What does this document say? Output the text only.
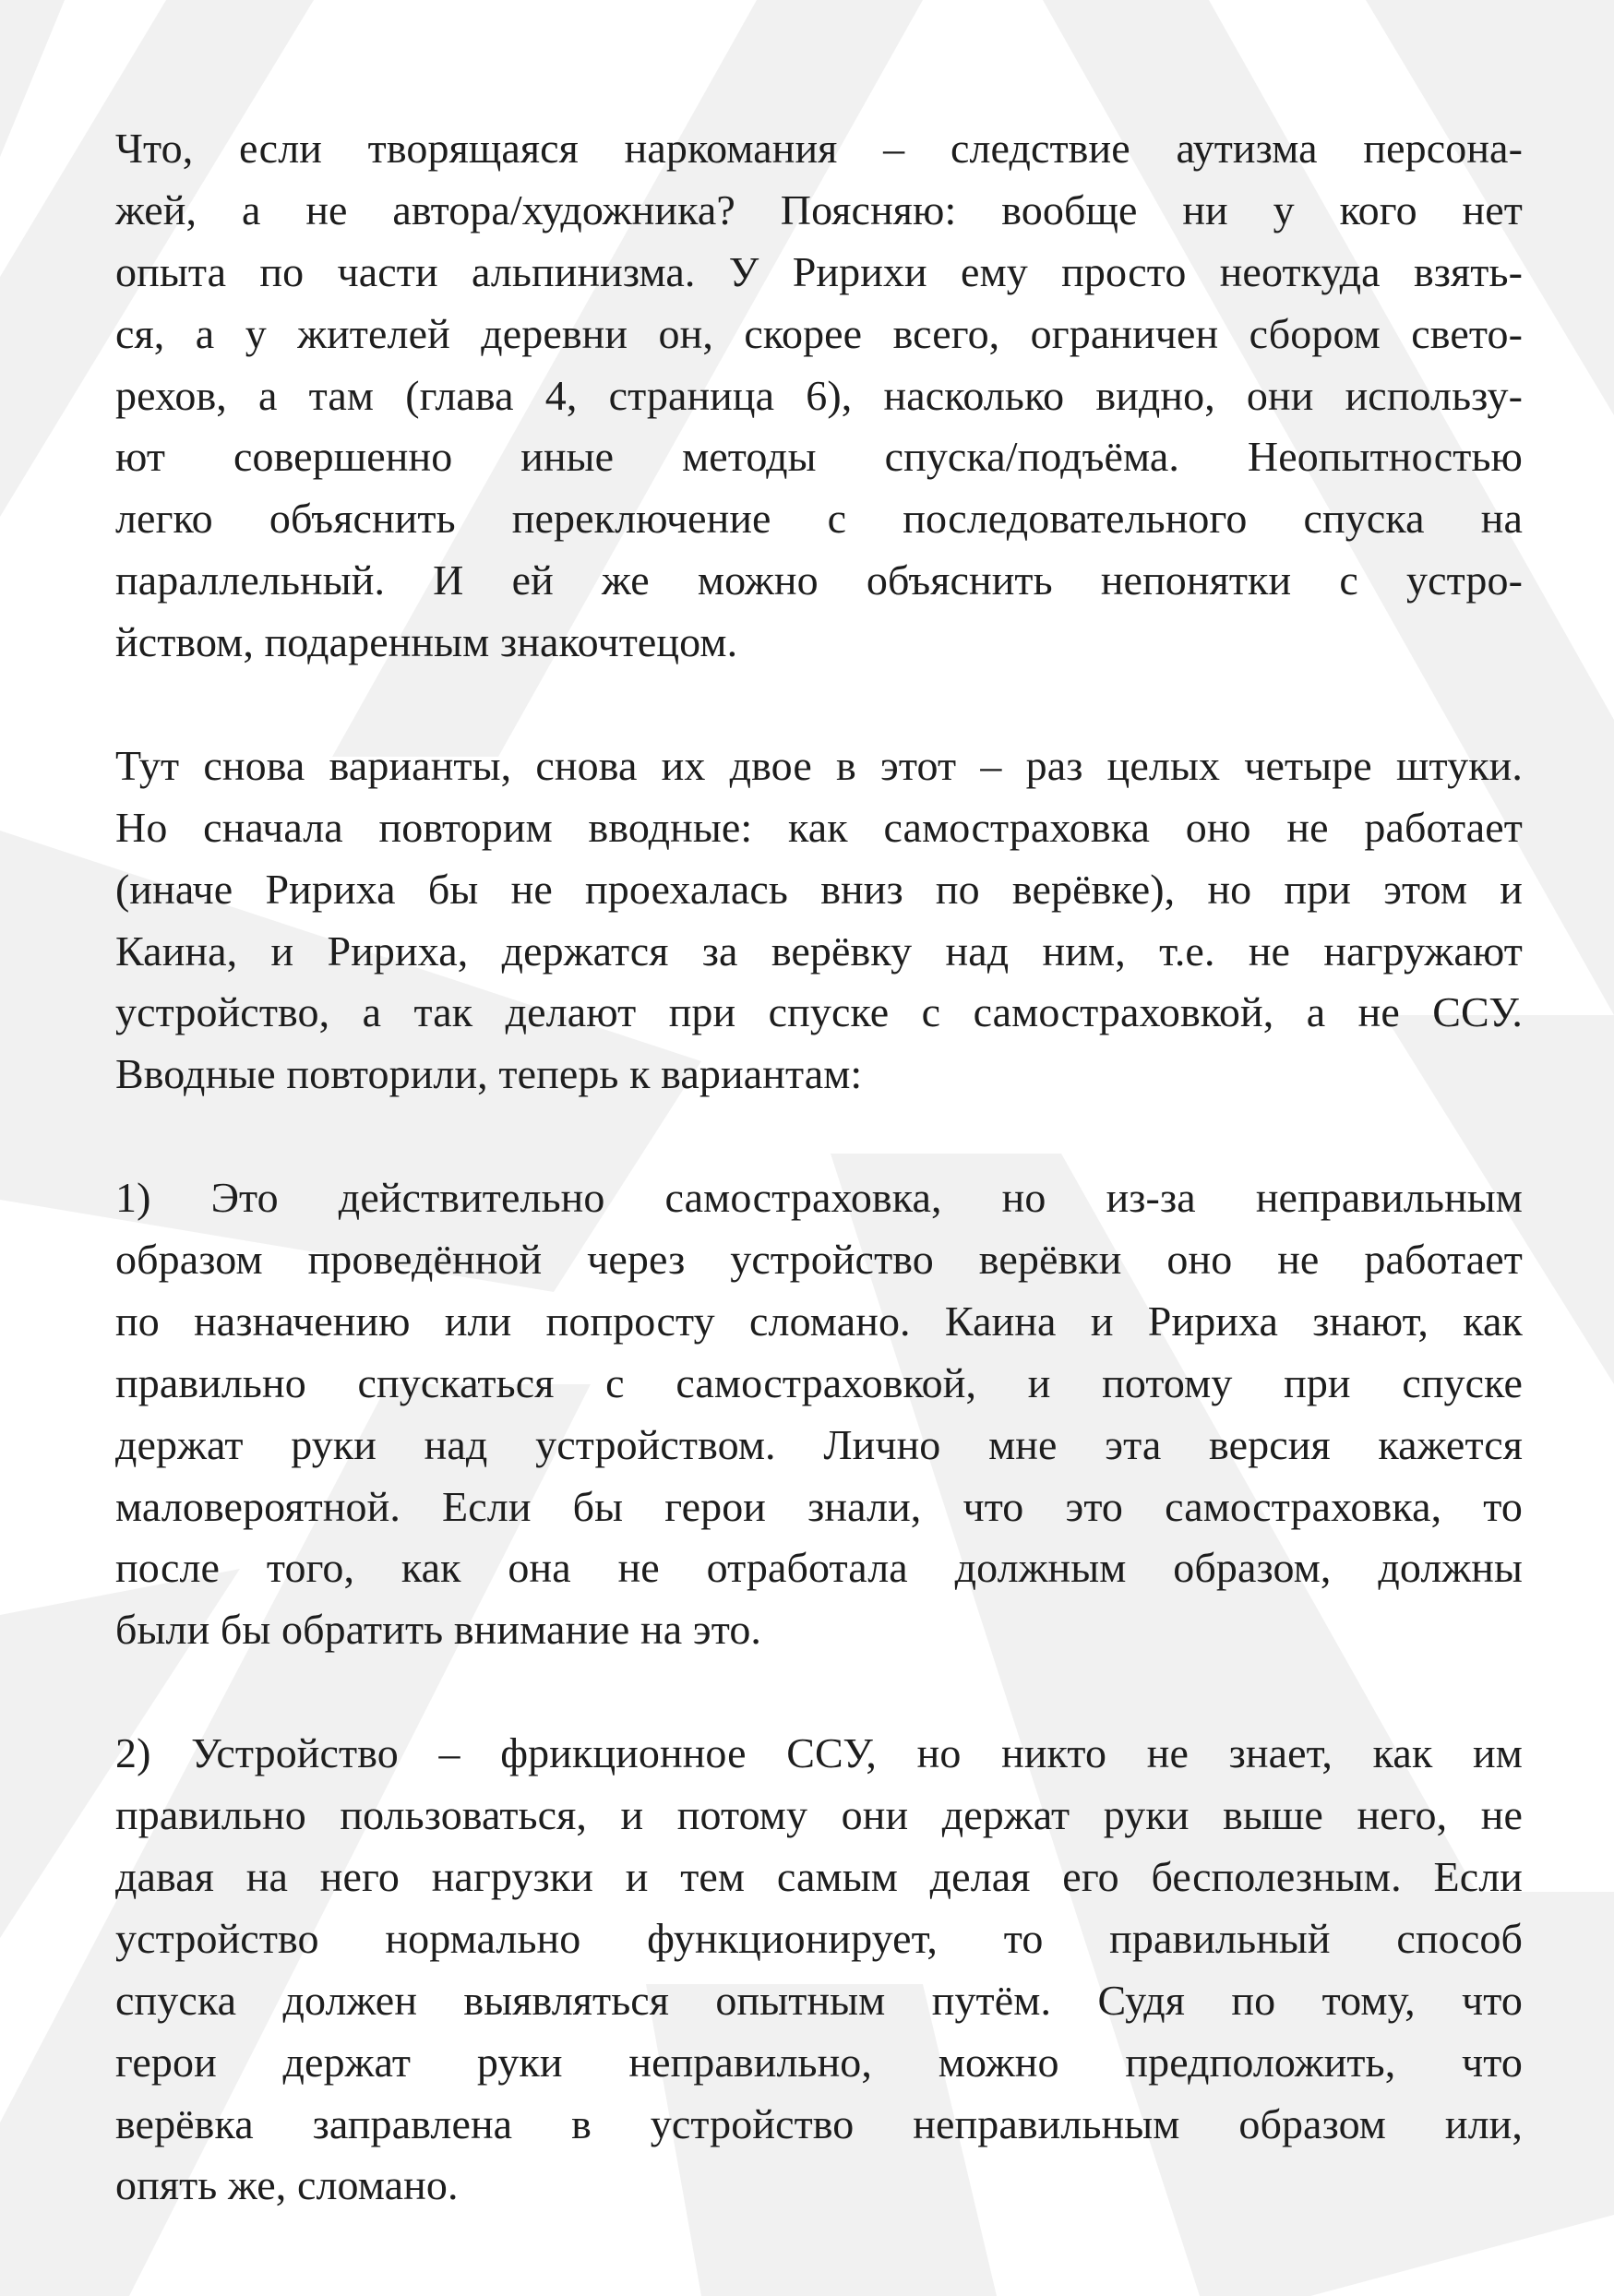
Что, если творящаяся наркомания – следствие аутизма персона-
жей, а не автора/художника? Поясняю: вообще ни у кого нет
опыта по части альпинизма. У Ририхи ему просто неоткуда взять-
ся, а у жителей деревни он, скорее всего, ограничен сбором свето-
рехов, а там (глава 4, страница 6), насколько видно, они использу-
ют совершенно иные методы спуска/подъёма. Неопытностью
легко объяснить переключение с последовательного спуска на
параллельный. И ей же можно объяснить непонятки с устро-
йством, подаренным знакочтецом.
Тут снова варианты, снова их двое в этот – раз целых четыре штуки.
Но сначала повторим вводные: как самостраховка оно не работает
(иначе Ририха бы не проехалась вниз по верёвке), но при этом и
Каина, и Ририха, держатся за верёвку над ним, т.е. не нагружают
устройство, а так делают при спуске с самостраховкой, а не ССУ.
Вводные повторили, теперь к вариантам:
1) Это действительно самостраховка, но из-за неправильным
образом проведённой через устройство верёвки оно не работает
по назначению или попросту сломано. Каина и Ририха знают, как
правильно спускаться с самостраховкой, и потому при спуске
держат руки над устройством. Лично мне эта версия кажется
маловероятной. Если бы герои знали, что это самостраховка, то
после того, как она не отработала должным образом, должны
были бы обратить внимание на это.
2) Устройство – фрикционное ССУ, но никто не знает, как им
правильно пользоваться, и потому они держат руки выше него, не
давая на него нагрузки и тем самым делая его бесполезным. Если
устройство нормально функционирует, то правильный способ
спуска должен выявляться опытным путём. Судя по тому, что
герои держат руки неправильно, можно предположить, что
верёвка заправлена в устройство неправильным образом или,
опять же, сломано.
